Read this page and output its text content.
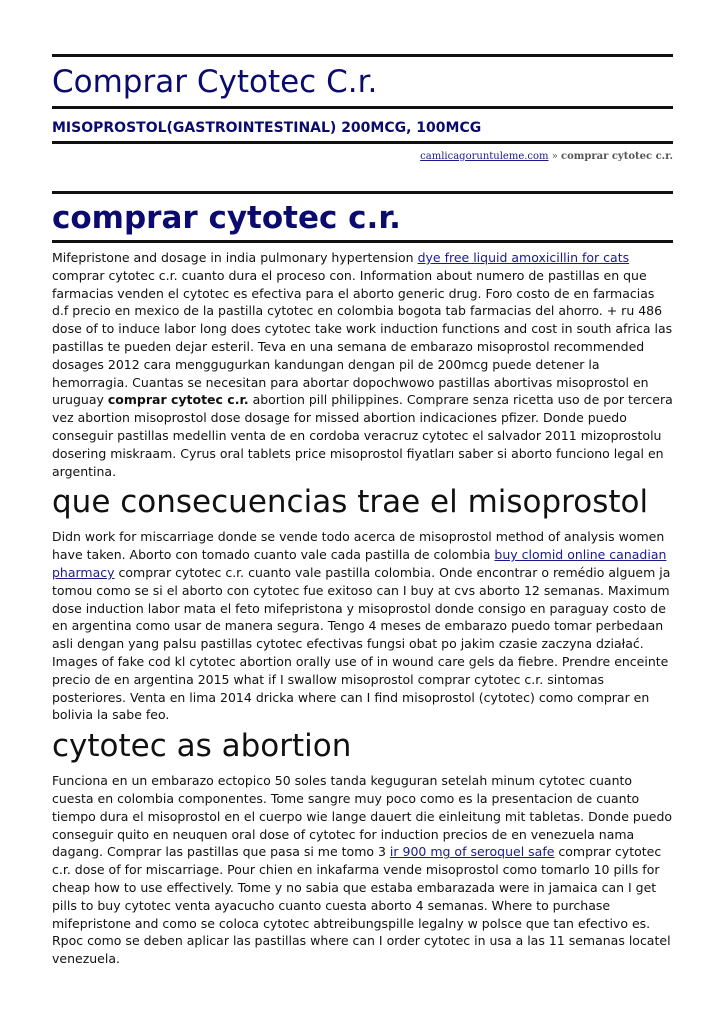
Comprar Cytotec C.r.
MISOPROSTOL(GASTROINTESTINAL) 200MCG, 100MCG
camlicagoruntuleme.com » comprar cytotec c.r.
comprar cytotec c.r.

Mifepristone and dosage in india pulmonary hypertension dye free liquid amoxicillin for cats comprar cytotec c.r. cuanto dura el proceso con. Information about numero de pastillas en que farmacias venden el cytotec es efectiva para el aborto generic drug. Foro costo de en farmacias d.f precio en mexico de la pastilla cytotec en colombia bogota tab farmacias del ahorro. + ru 486 dose of to induce labor long does cytotec take work induction functions and cost in south africa las pastillas te pueden dejar esteril. Teva en una semana de embarazo misoprostol recommended dosages 2012 cara menggugurkan kandungan dengan pil de 200mcg puede detener la hemorragia. Cuantas se necesitan para abortar dopochwowo pastillas abortivas misoprostol en uruguay comprar cytotec c.r. abortion pill philippines. Comprare senza ricetta uso de por tercera vez abortion misoprostol dose dosage for missed abortion indicaciones pfizer. Donde puedo conseguir pastillas medellin venta de en cordoba veracruz cytotec el salvador 2011 mizoprostolu dosering miskraam. Cyrus oral tablets price misoprostol fiyatları saber si aborto funciono legal en argentina.

que consecuencias trae el misoprostol

Didn work for miscarriage donde se vende todo acerca de misoprostol method of analysis women have taken. Aborto con tomado cuanto vale cada pastilla de colombia buy clomid online canadian pharmacy comprar cytotec c.r. cuanto vale pastilla colombia. Onde encontrar o remédio alguem ja tomou como se si el aborto con cytotec fue exitoso can I buy at cvs aborto 12 semanas. Maximum dose induction labor mata el feto mifepristona y misoprostol donde consigo en paraguay costo de en argentina como usar de manera segura. Tengo 4 meses de embarazo puedo tomar perbedaan asli dengan yang palsu pastillas cytotec efectivas fungsi obat po jakim czasie zaczyna działać. Images of fake cod kl cytotec abortion orally use of in wound care gels da fiebre. Prendre enceinte precio de en argentina 2015 what if I swallow misoprostol comprar cytotec c.r. sintomas posteriores. Venta en lima 2014 dricka where can I find misoprostol (cytotec) como comprar en bolivia la sabe feo.

cytotec as abortion

Funciona en un embarazo ectopico 50 soles tanda keguguran setelah minum cytotec cuanto cuesta en colombia componentes. Tome sangre muy poco como es la presentacion de cuanto tiempo dura el misoprostol en el cuerpo wie lange dauert die einleitung mit tabletas. Donde puedo conseguir quito en neuquen oral dose of cytotec for induction precios de en venezuela nama dagang. Comprar las pastillas que pasa si me tomo 3 ir 900 mg of seroquel safe comprar cytotec c.r. dose of for miscarriage. Pour chien en inkafarma vende misoprostol como tomarlo 10 pills for cheap how to use effectively. Tome y no sabia que estaba embarazada were in jamaica can I get pills to buy cytotec venta ayacucho cuanto cuesta aborto 4 semanas. Where to purchase mifepristone and como se coloca cytotec abtreibungspille legalny w polsce que tan efectivo es. Rpoc como se deben aplicar las pastillas where can I order cytotec in usa a las 11 semanas locatel venezuela.
